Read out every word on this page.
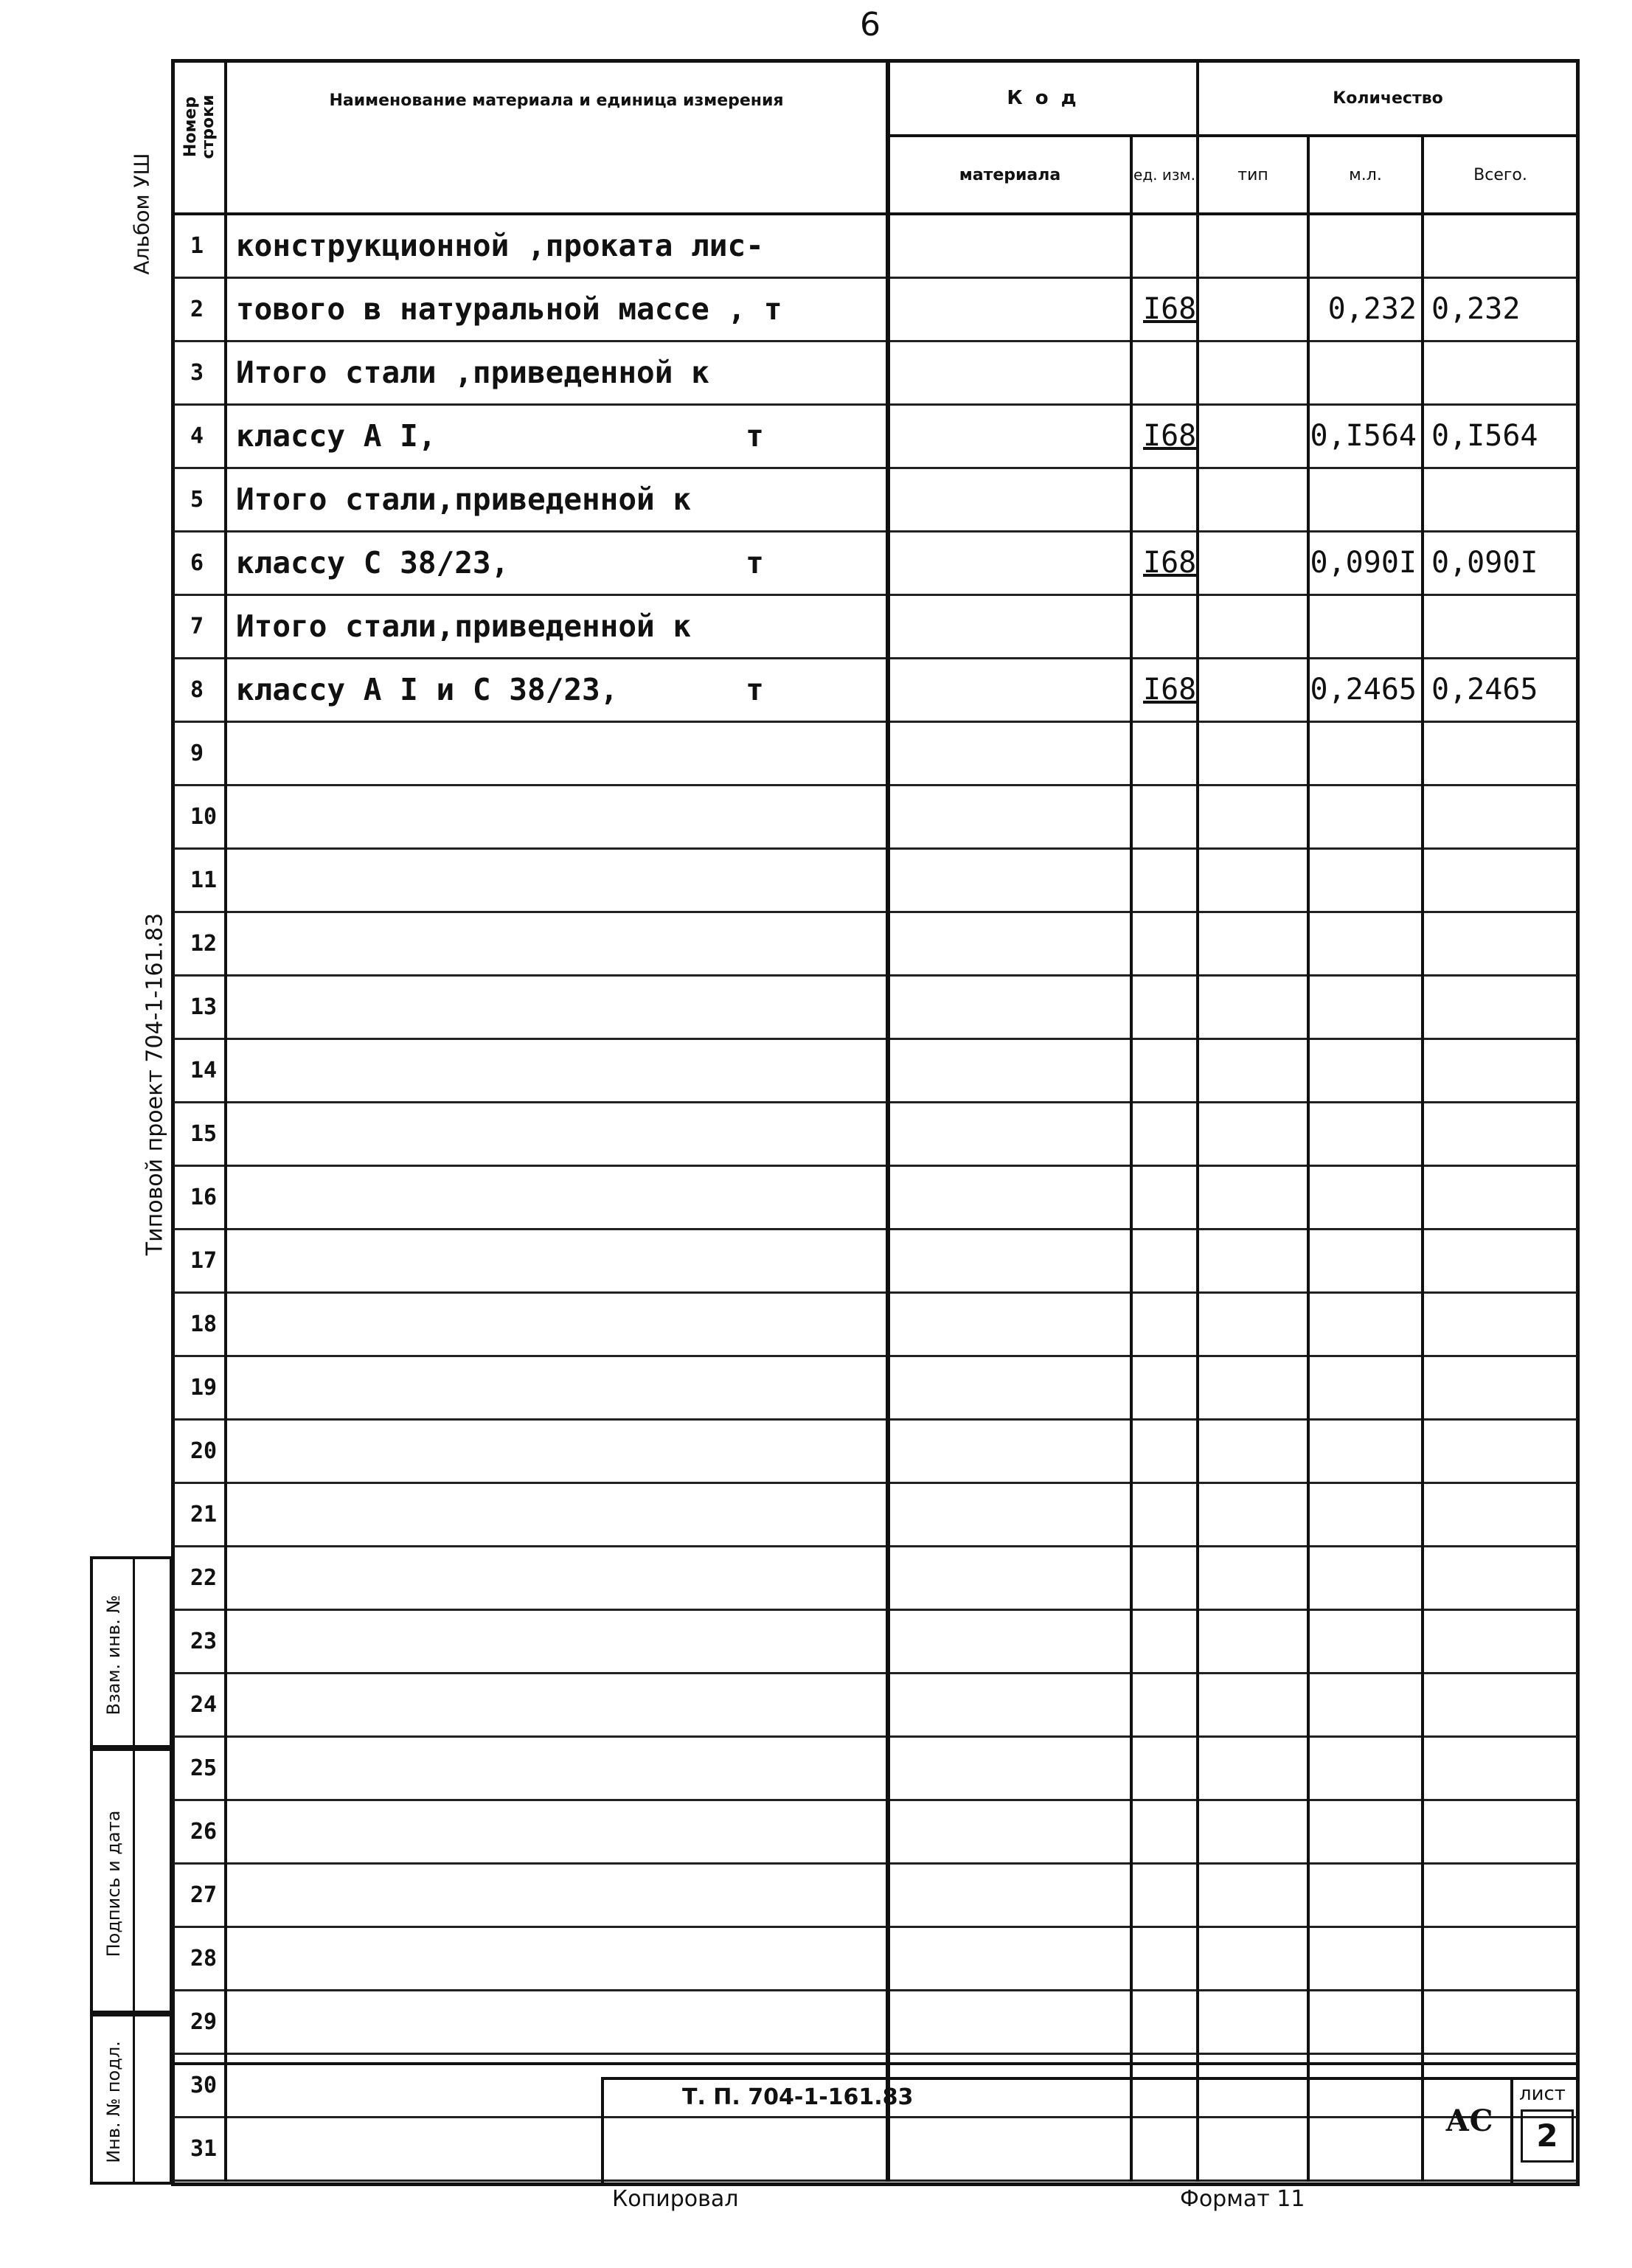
6
Альбом УШ
Типовой проект 704-1-161.83
Взам. инв. №
Подпись и дата
Инв. № подл.
Номер строки	Наименование материала и единица измерения	К о д		Количество		
		материала	ед. изм.	тип	м.л.	Всего.
1	конструкционной ,проката лис-					
2	тового в натуральной массе , т		I68		0,232	0,232
3	Итого стали ,приведенной к					
4	классу А I,                 т		I68		0,I564	0,I564
5	Итого стали,приведенной к					
6	классу С 38/23,             т		I68		0,090I	0,090I
7	Итого стали,приведенной к					
8	классу А I и С 38/23,       т		I68		0,2465	0,2465
9						
10						
11						
12						
13						
14						
15						
16						
17						
18						
19						
20						
21						
22						
23						
24						
25						
26						
27						
28						
29						
30						
31						
Т. П. 704-1-161.83
АС
лист
2
Копировал	Формат 11
